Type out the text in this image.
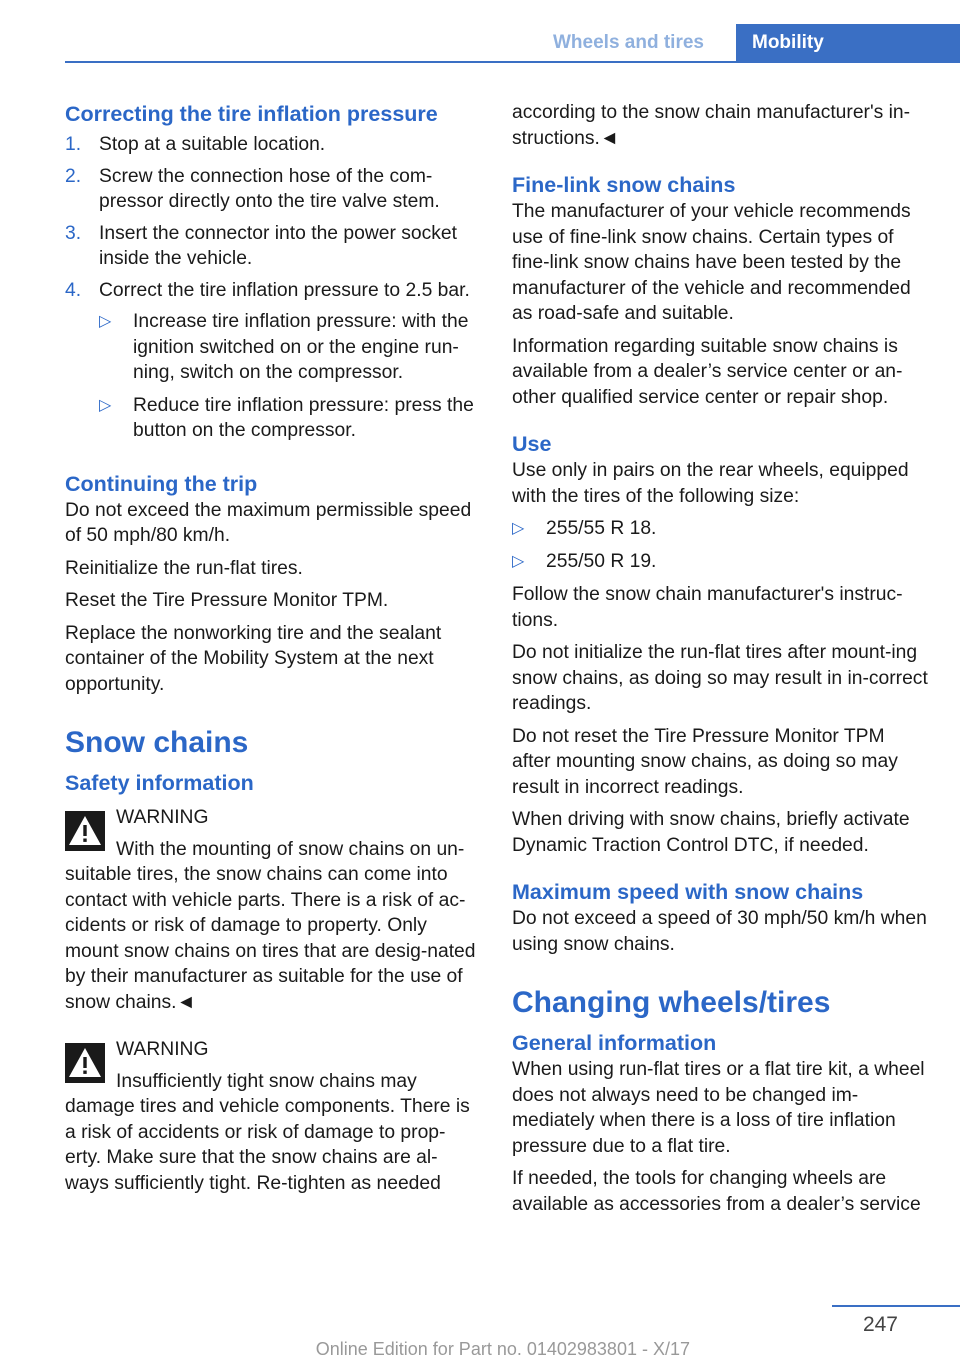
Wheels and tires	Mobility
Correcting the tire inflation pressure
1. Stop at a suitable location.
2. Screw the connection hose of the com-pressor directly onto the tire valve stem.
3. Insert the connector into the power socket inside the vehicle.
4. Correct the tire inflation pressure to 2.5 bar.
▷ Increase tire inflation pressure: with the ignition switched on or the engine run-ning, switch on the compressor.
▷ Reduce tire inflation pressure: press the button on the compressor.
Continuing the trip

Do not exceed the maximum permissible speed of 50 mph/80 km/h.

Reinitialize the run-flat tires.

Reset the Tire Pressure Monitor TPM.

Replace the nonworking tire and the sealant container of the Mobility System at the next opportunity.

Snow chains
Safety information
WARNING

With the mounting of snow chains on un-suitable tires, the snow chains can come into contact with vehicle parts. There is a risk of ac-cidents or risk of damage to property. Only mount snow chains on tires that are desig-nated by their manufacturer as suitable for the use of snow chains.◄

WARNING

Insufficiently tight snow chains may damage tires and vehicle components. There is a risk of accidents or risk of damage to prop-erty. Make sure that the snow chains are al-ways sufficiently tight. Re-tighten as needed

according to the snow chain manufacturer's in-structions.◄

Fine-link snow chains

The manufacturer of your vehicle recommends use of fine-link snow chains. Certain types of fine-link snow chains have been tested by the manufacturer of the vehicle and recommended as road-safe and suitable.

Information regarding suitable snow chains is available from a dealer’s service center or an-other qualified service center or repair shop.

Use

Use only in pairs on the rear wheels, equipped with the tires of the following size:

▷ 255/55 R 18.
▷ 255/50 R 19.

Follow the snow chain manufacturer's instruc-tions.

Do not initialize the run-flat tires after mount-ing snow chains, as doing so may result in in-correct readings.

Do not reset the Tire Pressure Monitor TPM after mounting snow chains, as doing so may result in incorrect readings.

When driving with snow chains, briefly activate Dynamic Traction Control DTC, if needed.

Maximum speed with snow chains

Do not exceed a speed of 30 mph/50 km/h when using snow chains.

Changing wheels/tires
General information

When using run-flat tires or a flat tire kit, a wheel does not always need to be changed im-mediately when there is a loss of tire inflation pressure due to a flat tire.

If needed, the tools for changing wheels are available as accessories from a dealer’s service

247
Online Edition for Part no. 01402983801 - X/17
